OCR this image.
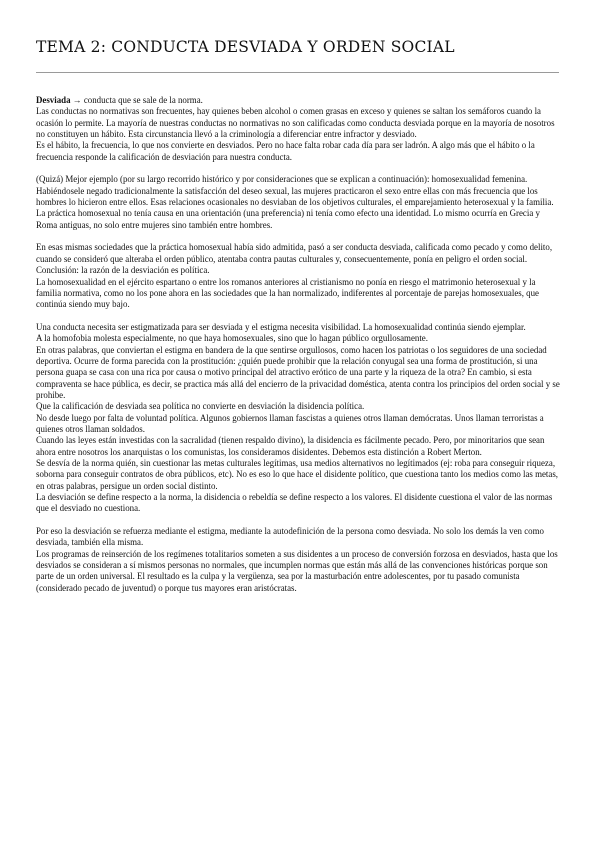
TEMA 2: CONDUCTA DESVIADA Y ORDEN SOCIAL

Desviada → conducta que se sale de la norma.

Las conductas no normativas son frecuentes, hay quienes beben alcohol o comen grasas en exceso y quienes se saltan los semáforos cuando la ocasión lo permite. La mayoría de nuestras conductas no normativas no son calificadas como conducta desviada porque en la mayoría de nosotros no constituyen un hábito. Esta circunstancia llevó a la criminología a diferenciar entre infractor y desviado.

Es el hábito, la frecuencia, lo que nos convierte en desviados. Pero no hace falta robar cada día para ser ladrón. A algo más que el hábito o la frecuencia responde la calificación de desviación para nuestra conducta.

(Quizá) Mejor ejemplo (por su largo recorrido histórico y por consideraciones que se explican a continuación): homosexualidad femenina. Habiéndosele negado tradicionalmente la satisfacción del deseo sexual, las mujeres practicaron el sexo entre ellas con más frecuencia que los hombres lo hicieron entre ellos. Esas relaciones ocasionales no desviaban de los objetivos culturales, el emparejamiento heterosexual y la familia. La práctica homosexual no tenía causa en una orientación (una preferencia) ni tenía como efecto una identidad. Lo mismo ocurría en Grecia y Roma antiguas, no solo entre mujeres sino también entre hombres.

En esas mismas sociedades que la práctica homosexual había sido admitida, pasó a ser conducta desviada, calificada como pecado y como delito, cuando se consideró que alteraba el orden público, atentaba contra pautas culturales y, consecuentemente, ponía en peligro el orden social.

Conclusión: la razón de la desviación es política.

La homosexualidad en el ejército espartano o entre los romanos anteriores al cristianismo no ponía en riesgo el matrimonio heterosexual y la familia normativa, como no los pone ahora en las sociedades que la han normalizado, indiferentes al porcentaje de parejas homosexuales, que continúa siendo muy bajo.

Una conducta necesita ser estigmatizada para ser desviada y el estigma necesita visibilidad. La homosexualidad continúa siendo ejemplar.

A la homofobia molesta especialmente, no que haya homosexuales, sino que lo hagan público orgullosamente.

En otras palabras, que conviertan el estigma en bandera de la que sentirse orgullosos, como hacen los patriotas o los seguidores de una sociedad deportiva. Ocurre de forma parecida con la prostitución: ¿quién puede prohibir que la relación conyugal sea una forma de prostitución, si una persona guapa se casa con una rica por causa o motivo principal del atractivo erótico de una parte y la riqueza de la otra? En cambio, si esta compraventa se hace pública, es decir, se practica más allá del encierro de la privacidad doméstica, atenta contra los principios del orden social y se prohibe.

Que la calificación de desviada sea política no convierte en desviación la disidencia política.

No desde luego por falta de voluntad política. Algunos gobiernos llaman fascistas a quienes otros llaman demócratas. Unos llaman terroristas a quienes otros llaman soldados.

Cuando las leyes están investidas con la sacralidad (tienen respaldo divino), la disidencia es fácilmente pecado. Pero, por minoritarios que sean ahora entre nosotros los anarquistas o los comunistas, los consideramos disidentes. Debemos esta distinción a Robert Merton.

Se desvía de la norma quién, sin cuestionar las metas culturales legítimas, usa medios alternativos no legítimados (ej: roba para conseguir riqueza, soborna para conseguir contratos de obra públicos, etc). No es eso lo que hace el disidente político, que cuestiona tanto los medios como las metas, en otras palabras, persigue un orden social distinto.

La desviación se define respecto a la norma, la disidencia o rebeldía se define respecto a los valores. El disidente cuestiona el valor de las normas que el desviado no cuestiona.

Por eso la desviación se refuerza mediante el estigma, mediante la autodefinición de la persona como desviada. No solo los demás la ven como desviada, también ella misma.

Los programas de reinserción de los regímenes totalitarios someten a sus disidentes a un proceso de conversión forzosa en desviados, hasta que los desviados se consideran a sí mismos personas no normales, que incumplen normas que están más allá de las convenciones históricas porque son parte de un orden universal. El resultado es la culpa y la vergüenza, sea por la masturbación entre adolescentes, por tu pasado comunista (considerado pecado de juventud) o porque tus mayores eran aristócratas.
